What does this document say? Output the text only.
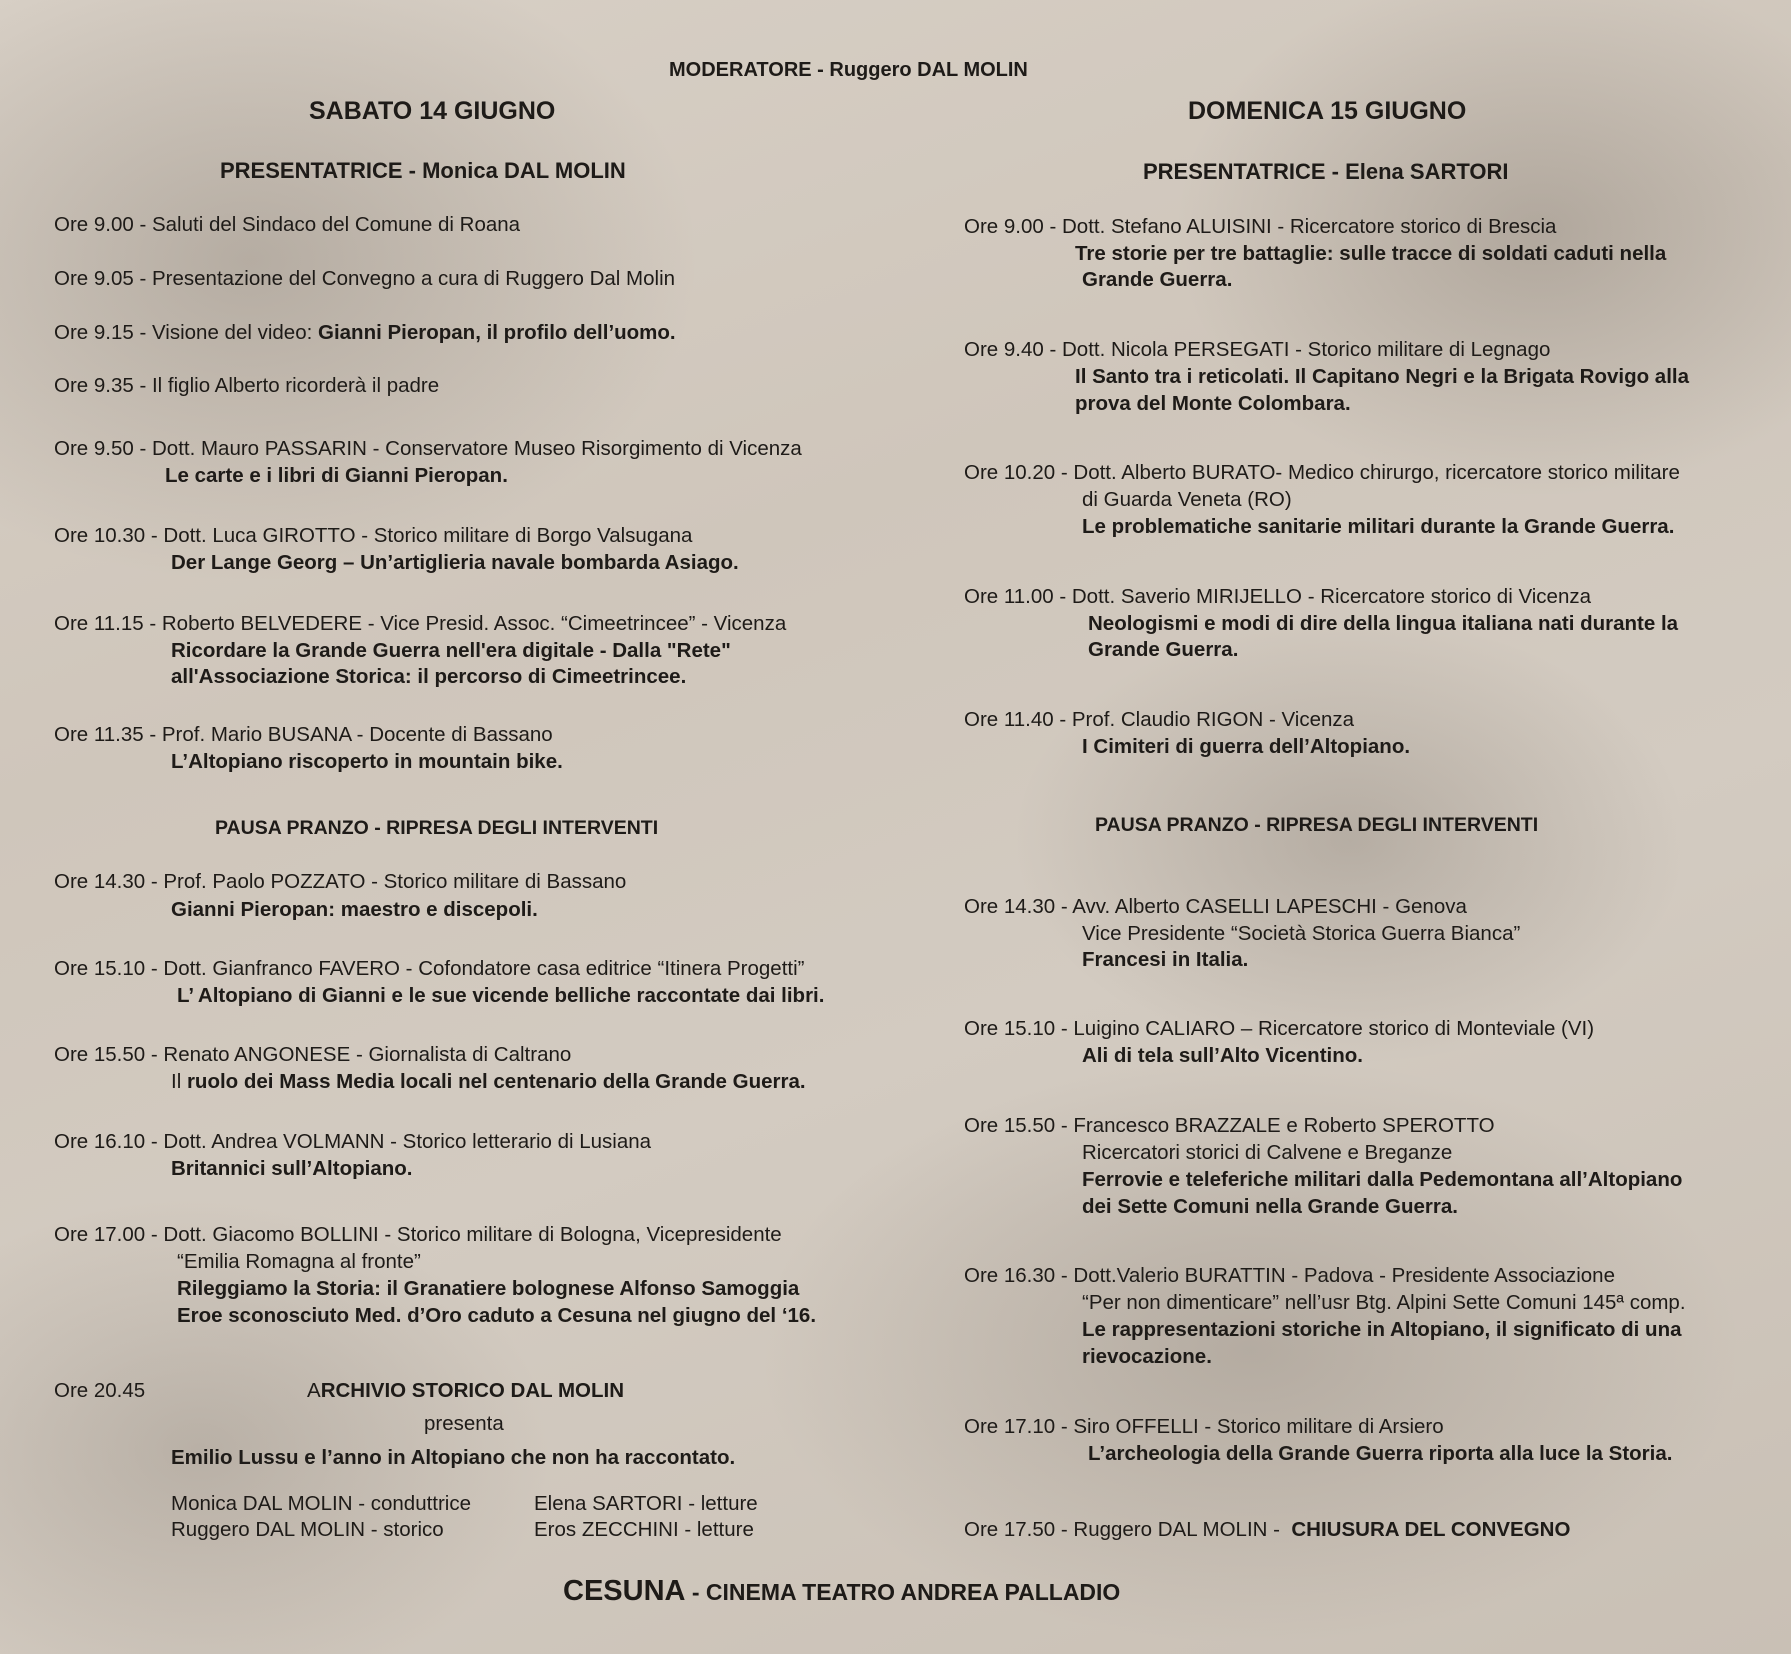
MODERATORE - Ruggero DAL MOLIN
SABATO 14 GIUGNO
PRESENTATRICE - Monica DAL MOLIN
Ore 9.00 - Saluti del Sindaco del Comune di Roana
Ore 9.05 - Presentazione del Convegno a cura di Ruggero Dal Molin
Ore 9.15 - Visione del video: Gianni Pieropan, il profilo dell’uomo.
Ore 9.35 - Il figlio Alberto ricorderà il padre
Ore 9.50 - Dott. Mauro PASSARIN - Conservatore Museo Risorgimento di Vicenza
Le carte e i libri di Gianni Pieropan.
Ore 10.30 - Dott. Luca GIROTTO - Storico militare di Borgo Valsugana
Der Lange Georg – Un’artiglieria navale bombarda Asiago.
Ore 11.15 - Roberto BELVEDERE - Vice Presid. Assoc. “Cimeetrincee” - Vicenza
Ricordare la Grande Guerra nell'era digitale - Dalla "Rete"
all'Associazione Storica: il percorso di Cimeetrincee.
Ore 11.35 - Prof. Mario BUSANA - Docente di Bassano
L’Altopiano riscoperto in mountain bike.
PAUSA PRANZO - RIPRESA DEGLI INTERVENTI
Ore 14.30 - Prof. Paolo POZZATO - Storico militare di Bassano
Gianni Pieropan: maestro e discepoli.
Ore 15.10 - Dott. Gianfranco FAVERO - Cofondatore casa editrice “Itinera Progetti”
L’ Altopiano di Gianni e le sue vicende belliche raccontate dai libri.
Ore 15.50 - Renato ANGONESE - Giornalista di Caltrano
Il ruolo dei Mass Media locali nel centenario della Grande Guerra.
Ore 16.10 - Dott. Andrea VOLMANN - Storico letterario di Lusiana
Britannici sull’Altopiano.
Ore 17.00 - Dott. Giacomo BOLLINI - Storico militare di Bologna, Vicepresidente
“Emilia Romagna al fronte”
Rileggiamo la Storia: il Granatiere bolognese Alfonso Samoggia
Eroe sconosciuto Med. d’Oro caduto a Cesuna nel giugno del ‘16.
Ore 20.45	ARCHIVIO STORICO DAL MOLIN
presenta
Emilio Lussu e l’anno in Altopiano che non ha raccontato.
Monica DAL MOLIN - conduttrice	Elena SARTORI - letture
Ruggero DAL MOLIN - storico	Eros ZECCHINI - letture
DOMENICA 15 GIUGNO
PRESENTATRICE - Elena SARTORI
Ore 9.00 - Dott. Stefano ALUISINI - Ricercatore storico di Brescia
Tre storie per tre battaglie: sulle tracce di soldati caduti nella
Grande Guerra.
Ore 9.40 - Dott. Nicola PERSEGATI - Storico militare di Legnago
Il Santo tra i reticolati. Il Capitano Negri e la Brigata Rovigo alla
prova del Monte Colombara.
Ore 10.20 - Dott. Alberto BURATO- Medico chirurgo, ricercatore storico militare
di Guarda Veneta (RO)
Le problematiche sanitarie militari durante la Grande Guerra.
Ore 11.00 - Dott. Saverio MIRIJELLO - Ricercatore storico di Vicenza
Neologismi e modi di dire della lingua italiana nati durante la
Grande Guerra.
Ore 11.40 - Prof. Claudio RIGON - Vicenza
I Cimiteri di guerra dell’Altopiano.
PAUSA PRANZO - RIPRESA DEGLI INTERVENTI
Ore 14.30 - Avv. Alberto CASELLI LAPESCHI - Genova
Vice Presidente “Società Storica Guerra Bianca”
Francesi in Italia.
Ore 15.10 - Luigino CALIARO – Ricercatore storico di Monteviale (VI)
Ali di tela sull’Alto Vicentino.
Ore 15.50 - Francesco BRAZZALE e Roberto SPEROTTO
Ricercatori storici di Calvene e Breganze
Ferrovie e teleferiche militari dalla Pedemontana all’Altopiano
dei Sette Comuni nella Grande Guerra.
Ore 16.30 - Dott.Valerio BURATTIN - Padova - Presidente Associazione
“Per non dimenticare” nell’usr Btg. Alpini Sette Comuni 145ª comp.
Le rappresentazioni storiche in Altopiano, il significato di una
rievocazione.
Ore 17.10 - Siro OFFELLI - Storico militare di Arsiero
L’archeologia della Grande Guerra riporta alla luce la Storia.
Ore 17.50 - Ruggero DAL MOLIN -  CHIUSURA DEL CONVEGNO
CESUNA - CINEMA TEATRO ANDREA PALLADIO
